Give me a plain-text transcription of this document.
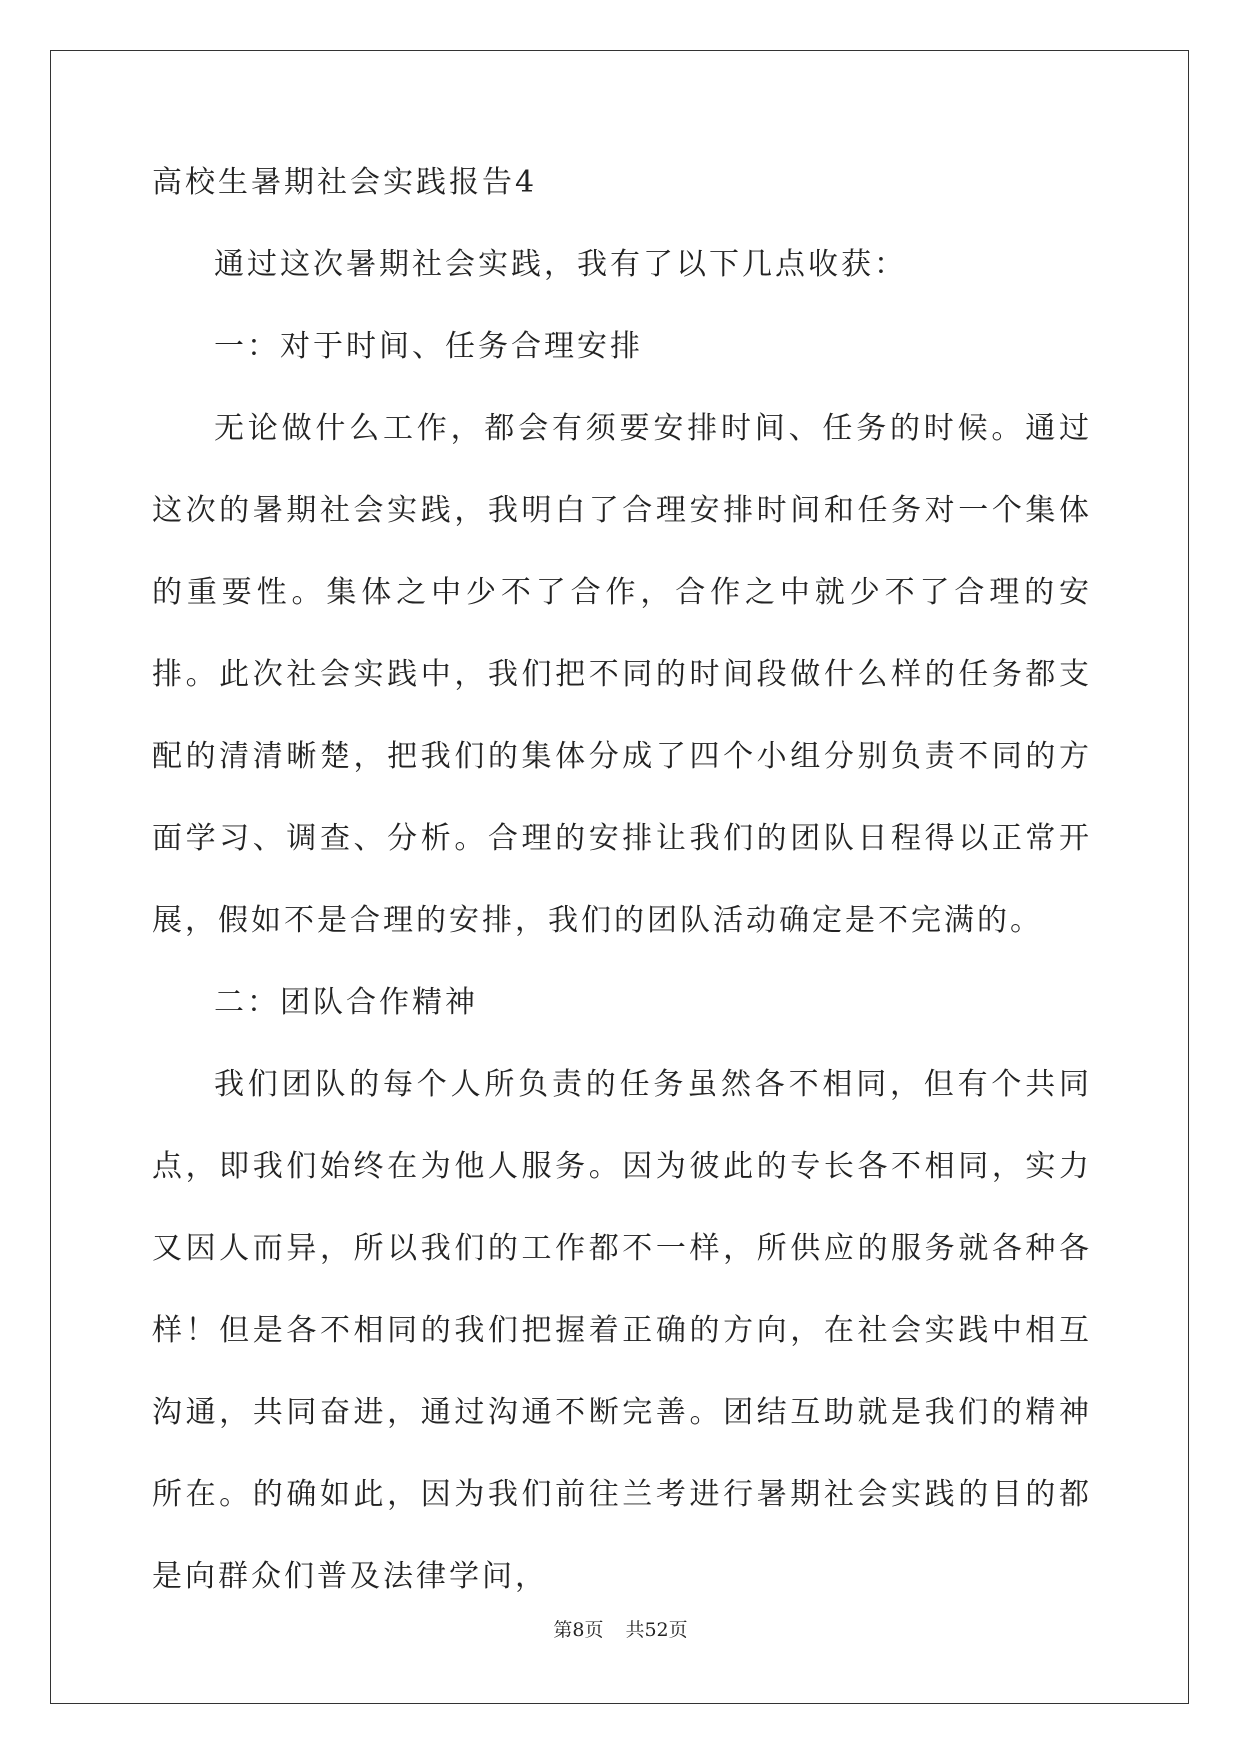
高校生暑期社会实践报告4

通过这次暑期社会实践，我有了以下几点收获：

一：对于时间、任务合理安排

无论做什么工作，都会有须要安排时间、任务的时候。通过这次的暑期社会实践，我明白了合理安排时间和任务对一个集体的重要性。集体之中少不了合作，合作之中就少不了合理的安排。此次社会实践中，我们把不同的时间段做什么样的任务都支配的清清晰楚，把我们的集体分成了四个小组分别负责不同的方面学习、调查、分析。合理的安排让我们的团队日程得以正常开展，假如不是合理的安排，我们的团队活动确定是不完满的。

二：团队合作精神

我们团队的每个人所负责的任务虽然各不相同，但有个共同点，即我们始终在为他人服务。因为彼此的专长各不相同，实力又因人而异，所以我们的工作都不一样，所供应的服务就各种各样！但是各不相同的我们把握着正确的方向，在社会实践中相互沟通，共同奋进，通过沟通不断完善。团结互助就是我们的精神所在。的确如此，因为我们前往兰考进行暑期社会实践的目的都是向群众们普及法律学问，

第8页 共52页
